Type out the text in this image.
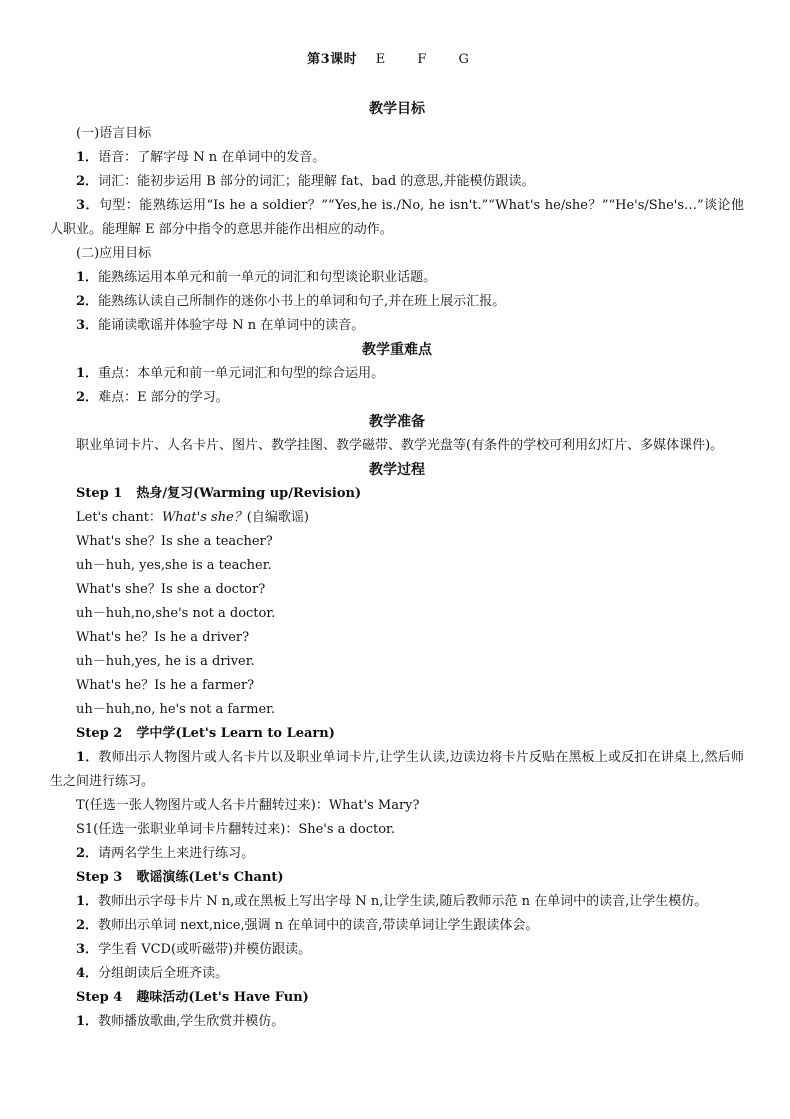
第3课时 E F G

教学目标

(一)语言目标

1．语音：了解字母 N n 在单词中的发音。

2．词汇：能初步运用 B 部分的词汇；能理解 fat、bad 的意思,并能模仿跟读。

3．句型：能熟练运用“Is he a soldier？”“Yes,he is./No, he isn't.”“What's he/she？”“He's/She's…”谈论他人职业。能理解 E 部分中指令的意思并能作出相应的动作。

(二)应用目标

1．能熟练运用本单元和前一单元的词汇和句型谈论职业话题。

2．能熟练认读自己所制作的迷你小书上的单词和句子,并在班上展示汇报。

3．能诵读歌谣并体验字母 N n 在单词中的读音。

教学重难点

1．重点：本单元和前一单元词汇和句型的综合运用。

2．难点：E 部分的学习。

教学准备

职业单词卡片、人名卡片、图片、教学挂图、教学磁带、教学光盘等(有条件的学校可利用幻灯片、多媒体课件)。

教学过程

Step 1 热身/复习(Warming up/Revision)

Let's chant：What's she？(自编歌谣)

What's she？Is she a teacher?

uh－huh, yes,she is a teacher.

What's she？Is she a doctor?

uh－huh,no,she's not a doctor.

What's he？Is he a driver?

uh－huh,yes, he is a driver.

What's he？Is he a farmer?

uh－huh,no, he's not a farmer.

Step 2 学中学(Let's Learn to Learn)

1．教师出示人物图片或人名卡片以及职业单词卡片,让学生认读,边读边将卡片反贴在黑板上或反扣在讲桌上,然后师生之间进行练习。

T(任选一张人物图片或人名卡片翻转过来)：What's Mary?

S1(任选一张职业单词卡片翻转过来)：She's a doctor.

2．请两名学生上来进行练习。

Step 3 歌谣演练(Let's Chant)

1．教师出示字母卡片 N n,或在黑板上写出字母 N n,让学生读,随后教师示范 n 在单词中的读音,让学生模仿。

2．教师出示单词 next,nice,强调 n 在单词中的读音,带读单词让学生跟读体会。

3．学生看 VCD(或听磁带)并模仿跟读。

4．分组朗读后全班齐读。

Step 4 趣味活动(Let's Have Fun)

1．教师播放歌曲,学生欣赏并模仿。
